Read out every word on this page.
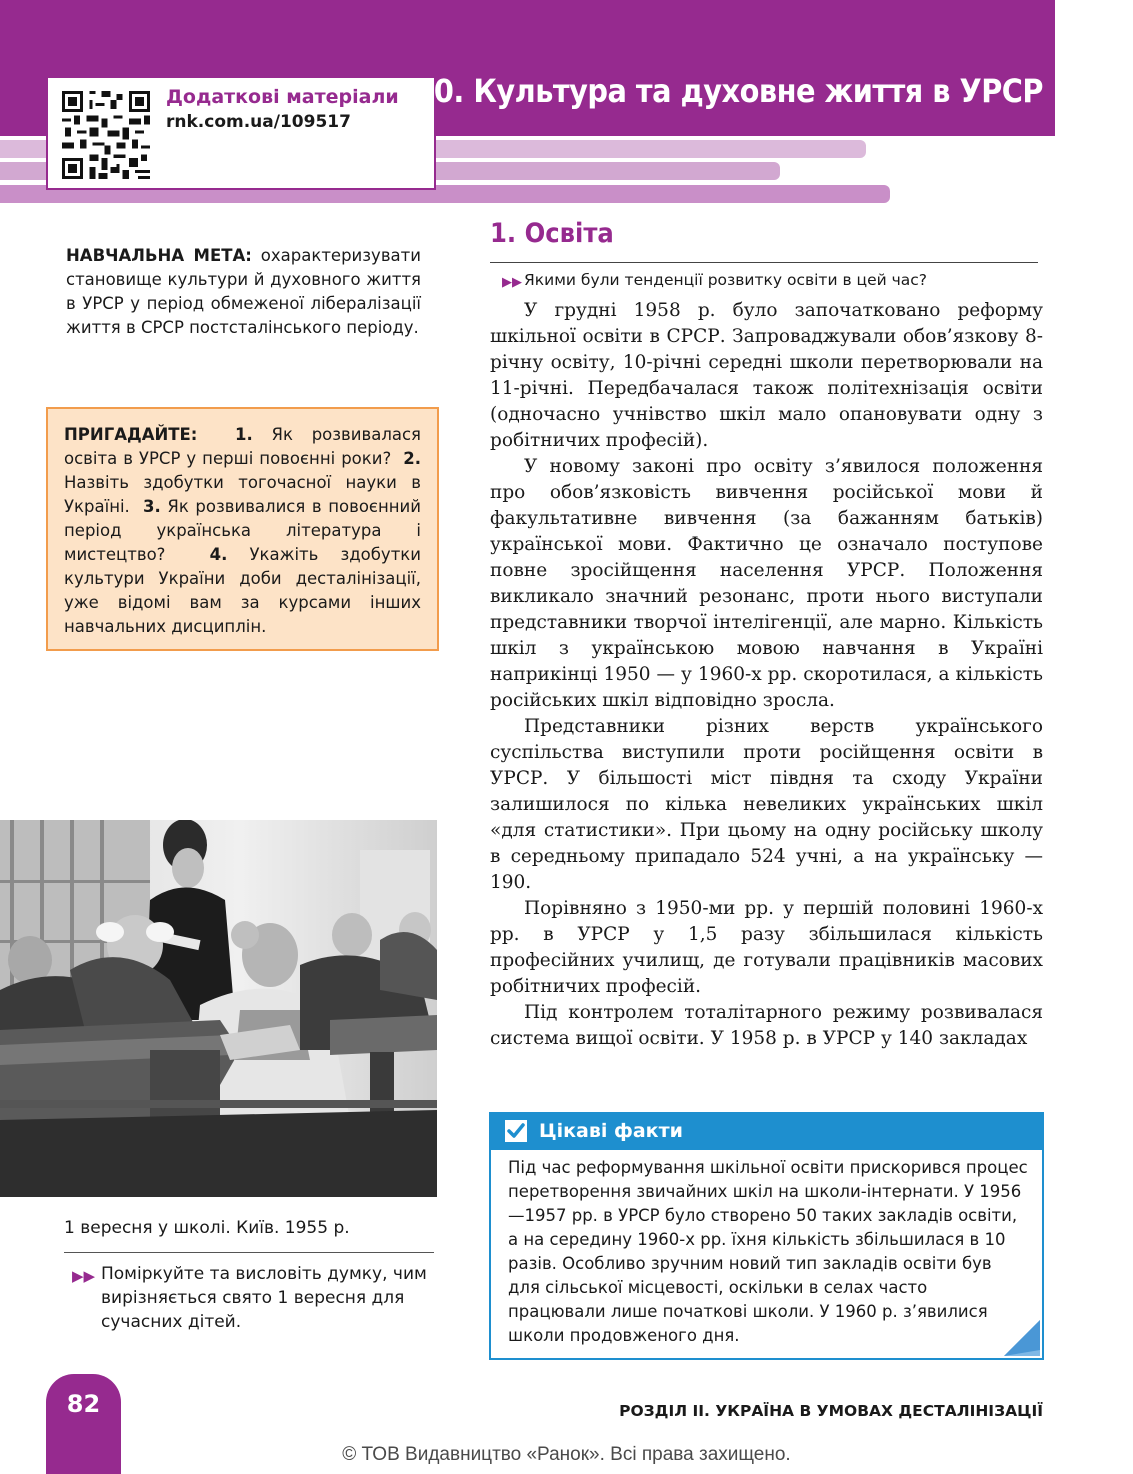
Додаткові матеріали
rnk.com.ua/109517
§10. Культура та духовне життя в УРСР
НАВЧАЛЬНА МЕТА: охарактеризувати становище культури й духовного життя в УРСР у період обмеженої лібералізації життя в СРСР постсталінського періоду.
ПРИГАДАЙТЕ: 1. Як розвивалася освіта в УРСР у перші повоєнні роки? 2. Назвіть здобутки тогочасної науки в Україні. 3. Як розвивалися в повоєнний період українська література і мистецтво?	4. Укажіть здобутки культури України доби десталінізації, уже відомі вам за курсами інших навчальних дисциплін.
1 вересня у школі. Київ. 1955 р.
▶▶ Поміркуйте та висловіть думку, чим вирізняється свято 1 вересня для сучасних дітей.
1. Освіта
▶▶ Якими були тенденції розвитку освіти в цей час?

У грудні 1958 р. було започатковано реформу шкільної освіти в СРСР. Запроваджували обов’язкову 8-річну освіту, 10-річні середні школи перетворювали на 11-річні. Передбачалася також політехнізація освіти (одночасно учнівство шкіл мало опановувати одну з робітничих професій).

У новому законі про освіту з’явилося положення про обов’язковість вивчення російської мови й факультативне вивчення (за бажанням батьків) української мови. Фактично це означало поступове повне зросійщення населення УРСР. Положення викликало значний резонанс, проти нього виступали представники творчої інтелігенції, але марно. Кількість шкіл з українською мовою навчання в Україні наприкінці 1950 — у 1960-х рр. скоротилася, а кількість російських шкіл відповідно зросла.

Представники різних верств українського суспільства виступили проти російщення освіти в УРСР. У більшості міст півдня та сходу України залишилося по кілька невеликих українських шкіл «для статистики». При цьому на одну російську школу в середньому припадало 524 учні, а на українську — 190.

Порівняно з 1950-ми рр. у першій половині 1960-х рр. в УРСР у 1,5 разу збільшилася кількість професійних училищ, де готували працівників масових робітничих професій.

Під контролем тоталітарного режиму розвивалася система вищої освіти. У 1958 р. в УРСР у 140 закладах

Цікаві факти
Під час реформування шкільної освіти прискорився процес перетворення звичайних шкіл на школи-інтернати. У 1956—1957 рр. в УРСР було створено 50 таких закладів освіти, а на середину 1960-х рр. їхня кількість збільшилася в 10 разів. Особливо зручним новий тип закладів освіти був для сільської місцевості, оскільки в селах часто працювали лише початкові школи. У 1960 р. з’явилися школи продовженого дня.
82	РОЗДІЛ ІІ. УКРАЇНА В УМОВАХ ДЕСТАЛІНІЗАЦІЇ
© ТОВ Видавництво «Ранок». Всі права захищено.
